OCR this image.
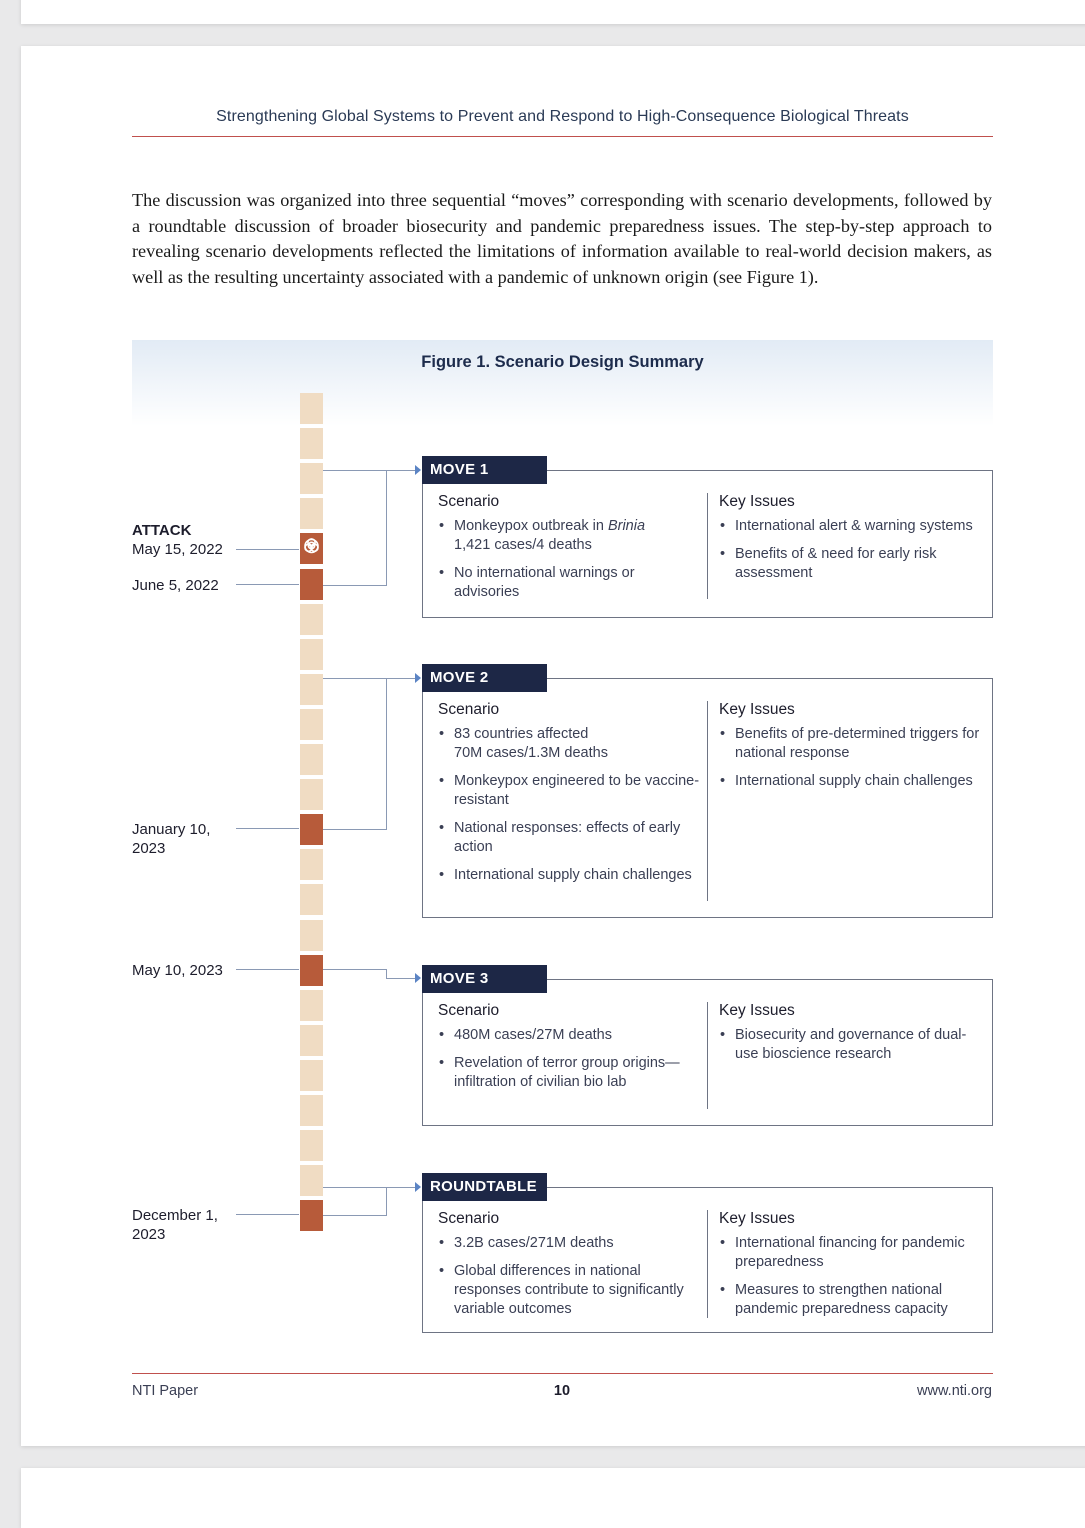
Strengthening Global Systems to Prevent and Respond to High-Consequence Biological Threats
The discussion was organized into three sequential “moves” corresponding with scenario developments, followed by a roundtable discussion of broader biosecurity and pandemic preparedness issues. The step-by-step approach to revealing scenario developments reflected the limitations of information available to real-world decision makers, as well as the resulting uncertainty associated with a pandemic of unknown origin (see Figure 1).
Figure 1. Scenario Design Summary
ATTACK
May 15, 2022
June 5, 2022
January 10, 2023
May 10, 2023
December 1, 2023
Scenario
• Monkeypox outbreak in Brinia
1,421 cases/4 deaths
• No international warnings or advisories
Key Issues
• International alert & warning systems
• Benefits of & need for early risk assessment
MOVE 1
Scenario
• 83 countries affected
70M cases/1.3M deaths
• Monkeypox engineered to be vaccine-resistant
• National responses: effects of early action
• International supply chain challenges
Key Issues
• Benefits of pre-determined triggers for national response
• International supply chain challenges
MOVE 2
Scenario
• 480M cases/27M deaths
• Revelation of terror group origins—infiltration of civilian bio lab
Key Issues
• Biosecurity and governance of dual-use bioscience research
MOVE 3
Scenario
• 3.2B cases/271M deaths
• Global differences in national responses contribute to significantly variable outcomes
Key Issues
• International financing for pandemic preparedness
• Measures to strengthen national pandemic preparedness capacity
ROUNDTABLE
NTI Paper	10	www.nti.org
